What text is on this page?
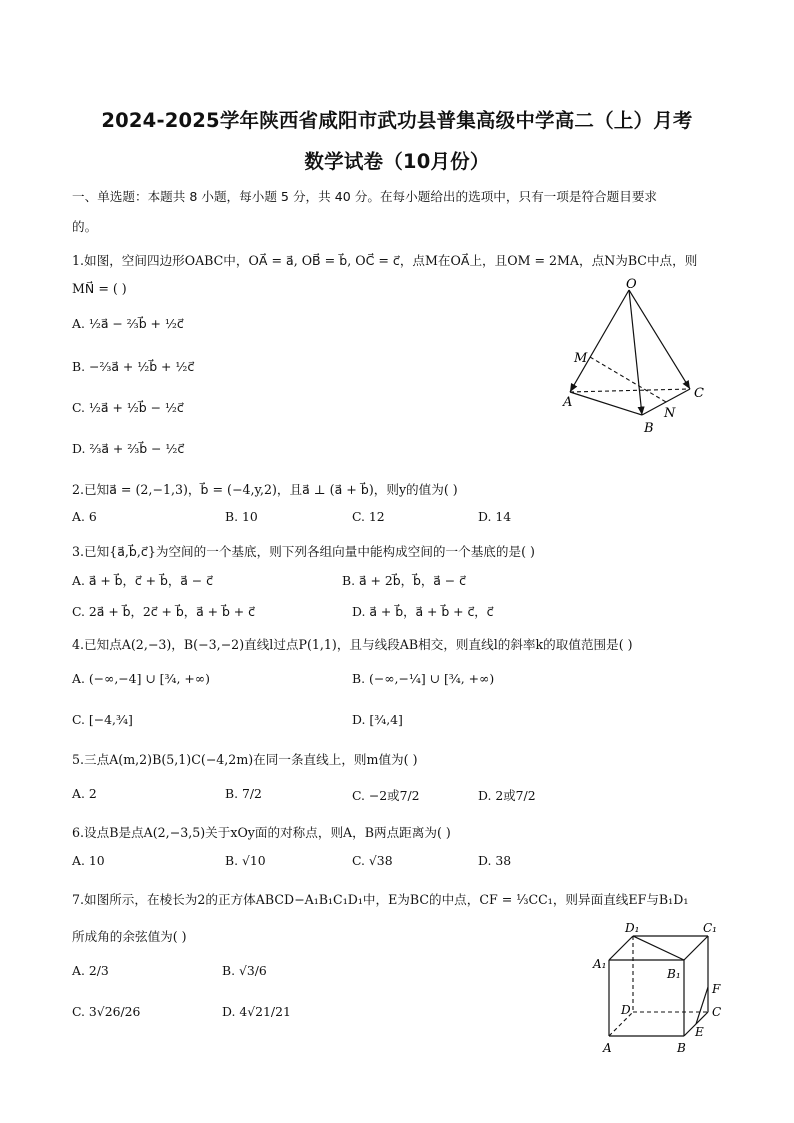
2024-2025学年陕西省咸阳市武功县普集高级中学高二（上）月考
数学试卷（10月份）
一、单选题：本题共 8 小题，每小题 5 分，共 40 分。在每小题给出的选项中，只有一项是符合题目要求
的。
1.如图，空间四边形OABC中，OA⃗ = a⃗, OB⃗ = b⃗, OC⃗ = c⃗，点M在OA⃗上，且OM = 2MA，点N为BC中点，则
MN⃗ = ( )
A. ½a⃗ − ⅔b⃗ + ½c⃗
B. −⅔a⃗ + ½b⃗ + ½c⃗
C. ½a⃗ + ½b⃗ − ½c⃗
D. ⅔a⃗ + ⅔b⃗ − ½c⃗
O
M
A
B
C
N
2.已知a⃗ = (2,−1,3)，b⃗ = (−4,y,2)，且a⃗ ⊥ (a⃗ + b⃗)，则y的值为( )
A. 6	B. 10	C. 12	D. 14
3.已知{a⃗,b⃗,c⃗}为空间的一个基底，则下列各组向量中能构成空间的一个基底的是( )
A. a⃗ + b⃗，c⃗ + b⃗，a⃗ − c⃗	B. a⃗ + 2b⃗，b⃗，a⃗ − c⃗
C. 2a⃗ + b⃗，2c⃗ + b⃗，a⃗ + b⃗ + c⃗	D. a⃗ + b⃗，a⃗ + b⃗ + c⃗，c⃗
4.已知点A(2,−3)，B(−3,−2)直线l过点P(1,1)，且与线段AB相交，则直线l的斜率k的取值范围是( )
A. (−∞,−4] ∪ [¾, +∞)	B. (−∞,−¼] ∪ [¾, +∞)
C. [−4,¾]	D. [¾,4]
5.三点A(m,2)B(5,1)C(−4,2m)在同一条直线上，则m值为( )
A. 2	B. 7/2	C. −2或7/2	D. 2或7/2
6.设点B是点A(2,−3,5)关于xOy面的对称点，则A，B两点距离为( )
A. 10	B. √10	C. √38	D. 38
7.如图所示，在棱长为2的正方体ABCD−A₁B₁C₁D₁中，E为BC的中点，CF = ⅓CC₁，则异面直线EF与B₁D₁
所成角的余弦值为( )
A. 2/3	B. √3/6
C. 3√26/26	D. 4√21/21
D₁	C₁
A₁
B₁
F
D	C
E
A	B
